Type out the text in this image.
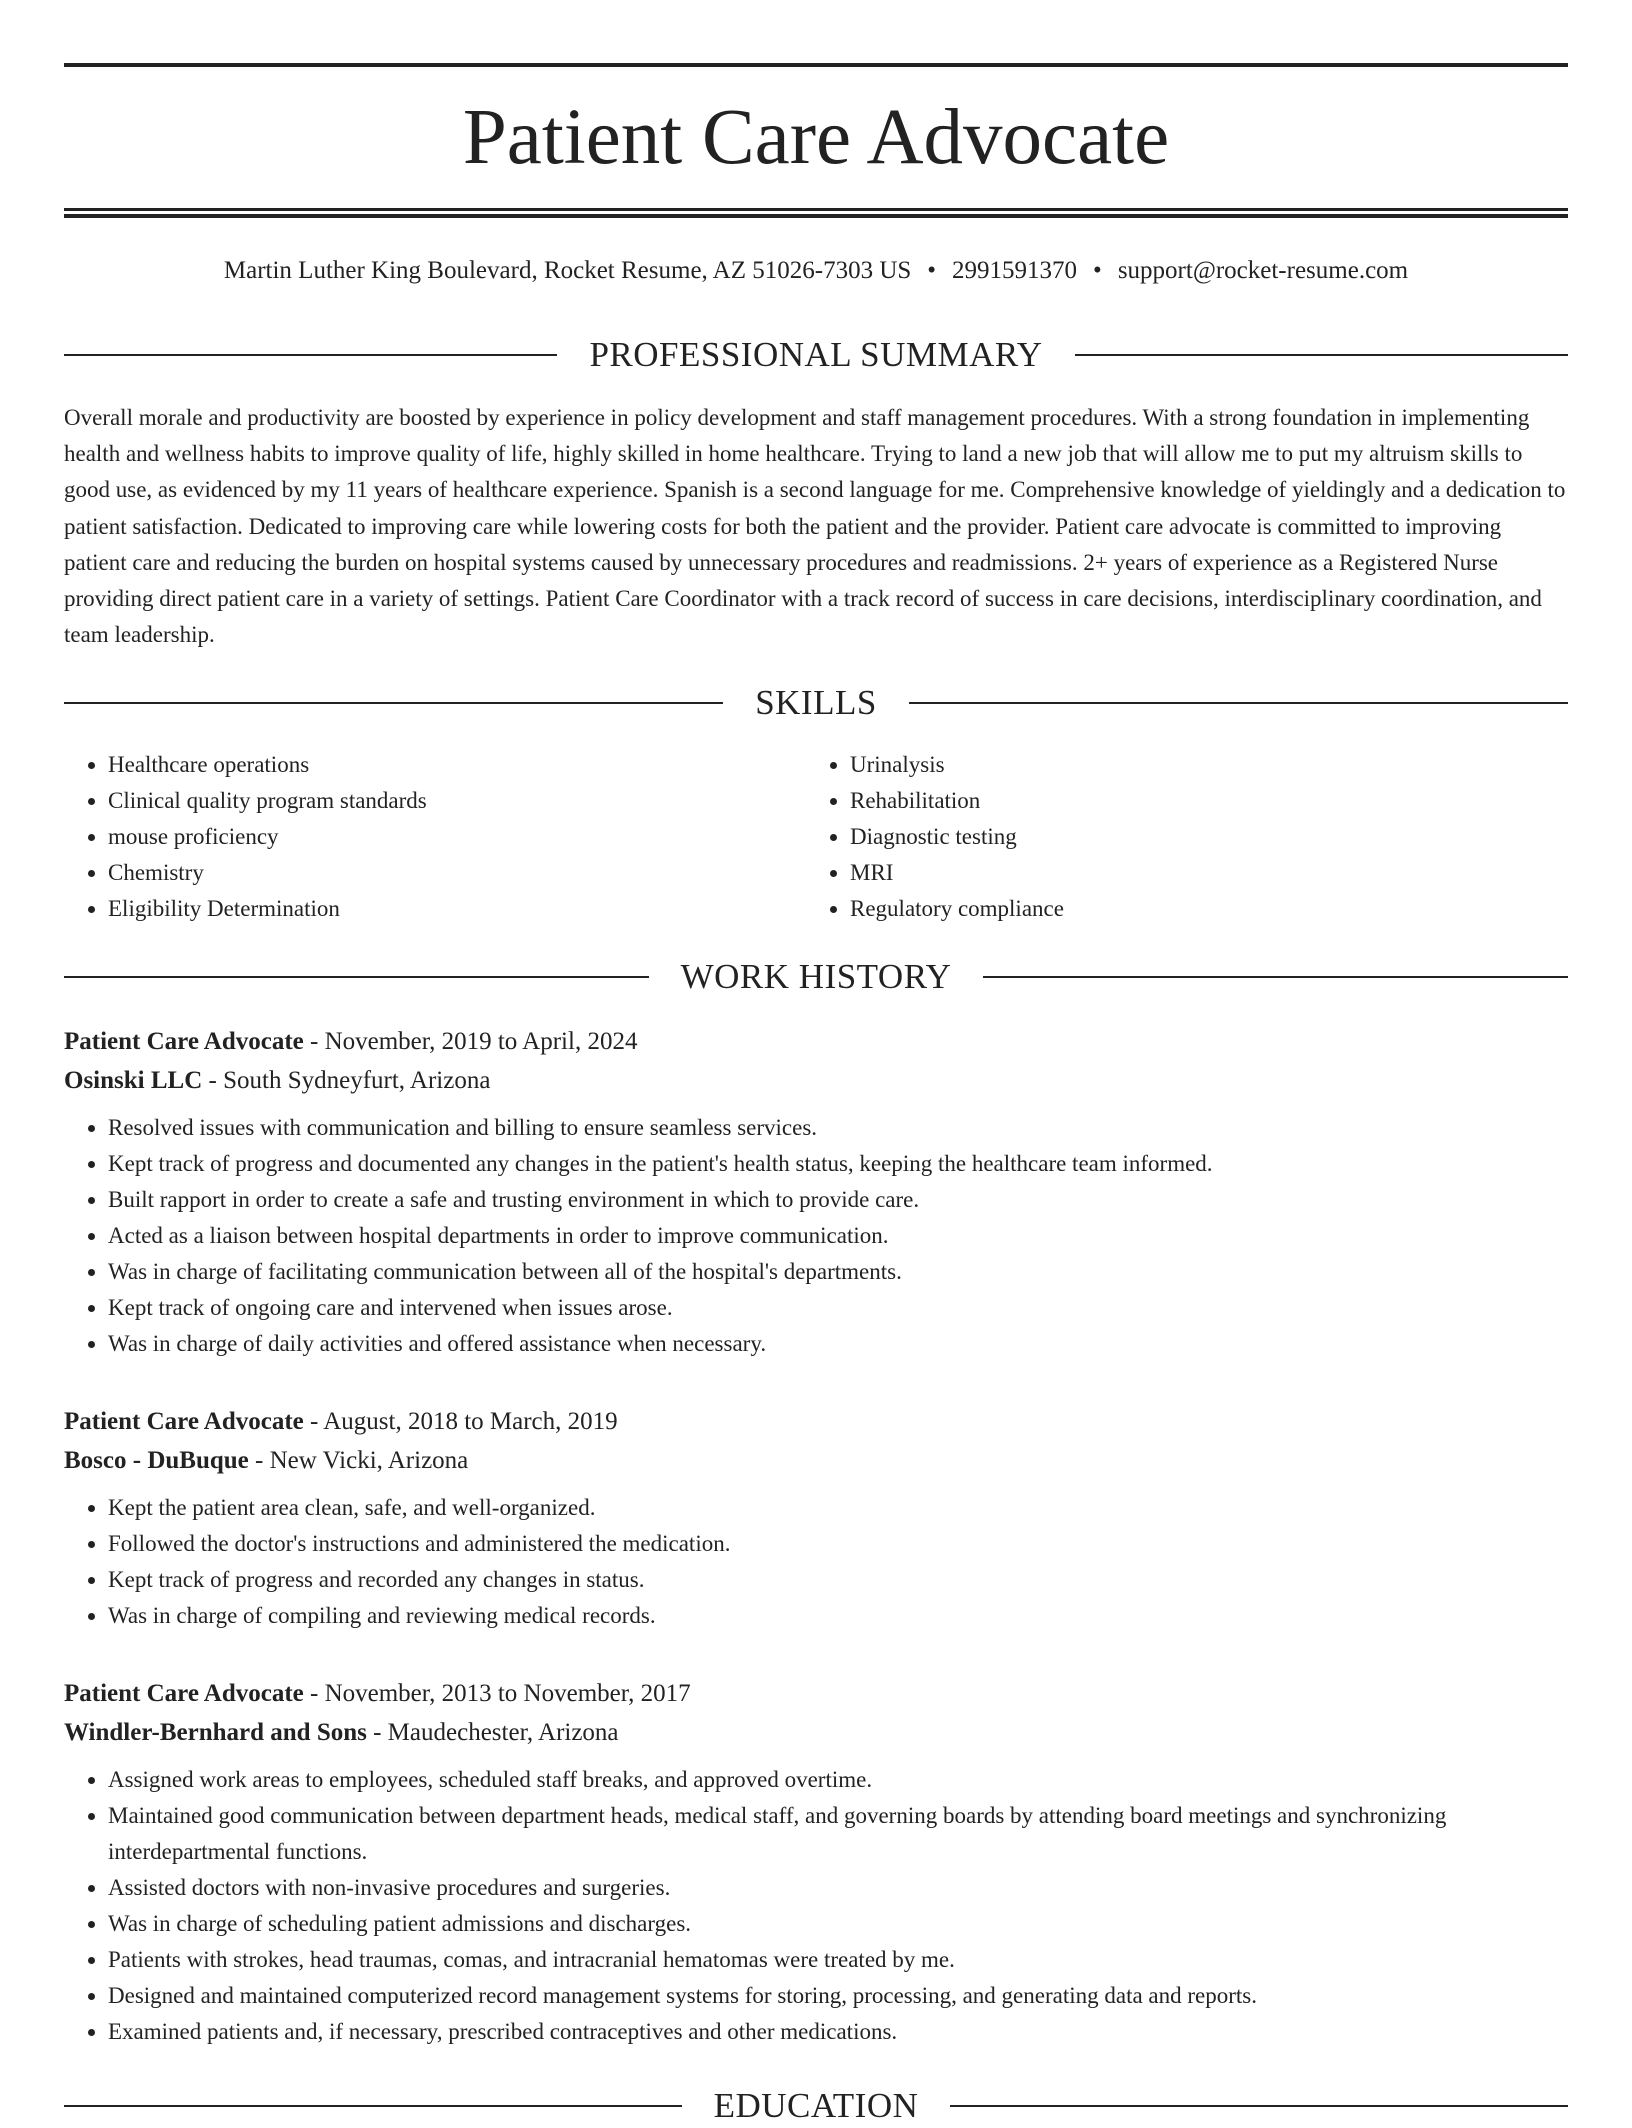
Patient Care Advocate
Martin Luther King Boulevard, Rocket Resume, AZ 51026-7303 US • 2991591370 • support@rocket-resume.com
PROFESSIONAL SUMMARY

Overall morale and productivity are boosted by experience in policy development and staff management procedures. With a strong foundation in implementing health and wellness habits to improve quality of life, highly skilled in home healthcare. Trying to land a new job that will allow me to put my altruism skills to good use, as evidenced by my 11 years of healthcare experience. Spanish is a second language for me. Comprehensive knowledge of yieldingly and a dedication to patient satisfaction. Dedicated to improving care while lowering costs for both the patient and the provider. Patient care advocate is committed to improving patient care and reducing the burden on hospital systems caused by unnecessary procedures and readmissions. 2+ years of experience as a Registered Nurse providing direct patient care in a variety of settings. Patient Care Coordinator with a track record of success in care decisions, interdisciplinary coordination, and team leadership.

SKILLS
• Healthcare operations
• Clinical quality program standards
• mouse proficiency
• Chemistry
• Eligibility Determination
• Urinalysis
• Rehabilitation
• Diagnostic testing
• MRI
• Regulatory compliance
WORK HISTORY
Patient Care Advocate - November, 2019 to April, 2024
Osinski LLC - South Sydneyfurt, Arizona
• Resolved issues with communication and billing to ensure seamless services.
• Kept track of progress and documented any changes in the patient's health status, keeping the healthcare team informed.
• Built rapport in order to create a safe and trusting environment in which to provide care.
• Acted as a liaison between hospital departments in order to improve communication.
• Was in charge of facilitating communication between all of the hospital's departments.
• Kept track of ongoing care and intervened when issues arose.
• Was in charge of daily activities and offered assistance when necessary.
Patient Care Advocate - August, 2018 to March, 2019
Bosco - DuBuque - New Vicki, Arizona
• Kept the patient area clean, safe, and well-organized.
• Followed the doctor's instructions and administered the medication.
• Kept track of progress and recorded any changes in status.
• Was in charge of compiling and reviewing medical records.
Patient Care Advocate - November, 2013 to November, 2017
Windler-Bernhard and Sons - Maudechester, Arizona
• Assigned work areas to employees, scheduled staff breaks, and approved overtime.
• Maintained good communication between department heads, medical staff, and governing boards by attending board meetings and synchronizing interdepartmental functions.
• Assisted doctors with non-invasive procedures and surgeries.
• Was in charge of scheduling patient admissions and discharges.
• Patients with strokes, head traumas, comas, and intracranial hematomas were treated by me.
• Designed and maintained computerized record management systems for storing, processing, and generating data and reports.
• Examined patients and, if necessary, prescribed contraceptives and other medications.
EDUCATION
